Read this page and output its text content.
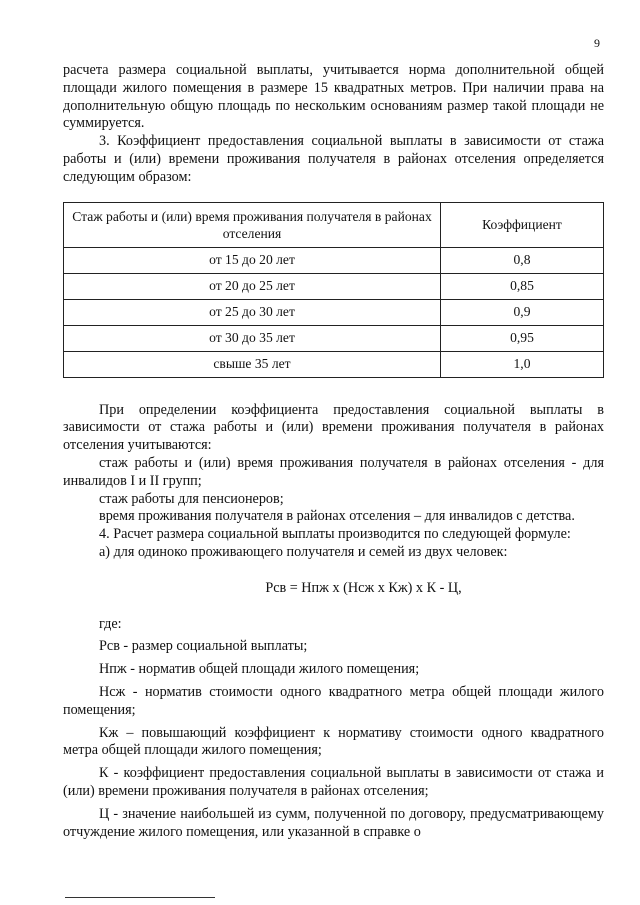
9

расчета размера социальной выплаты, учитывается норма дополнительной общей площади жилого помещения в размере 15 квадратных метров. При наличии права на дополнительную общую площадь по нескольким основаниям размер такой площади не суммируется.

3. Коэффициент предоставления социальной выплаты в зависимости от стажа работы и (или) времени проживания получателя в районах отселения определяется следующим образом:

Стаж работы и (или) время проживания получателя в районах отселения	Коэффициент
от 15 до 20 лет	0,8
от 20 до 25 лет	0,85
от 25 до 30 лет	0,9
от 30 до 35 лет	0,95
свыше 35 лет	1,0

При определении коэффициента предоставления социальной выплаты в зависимости от стажа работы и (или) времени проживания получателя в районах отселения учитываются:

стаж работы и (или) время проживания получателя в районах отселения - для инвалидов I и II групп;

стаж работы для пенсионеров;

время проживания получателя в районах отселения – для инвалидов с детства.

4. Расчет размера социальной выплаты производится по следующей формуле:

а) для одиноко проживающего получателя и семей из двух человек:

Рсв = Нпж х (Нсж х Кж) х К - Ц,

где:

Рсв - размер социальной выплаты;

Нпж - норматив общей площади жилого помещения;

Нсж - норматив стоимости одного квадратного метра общей площади жилого помещения;

Кж – повышающий коэффициент к нормативу стоимости одного квадратного метра общей площади жилого помещения;

К - коэффициент предоставления социальной выплаты в зависимости от стажа и (или) времени проживания получателя в районах отселения;

Ц - значение наибольшей из сумм, полученной по договору, предусматривающему отчуждение жилого помещения, или указанной в справке о
